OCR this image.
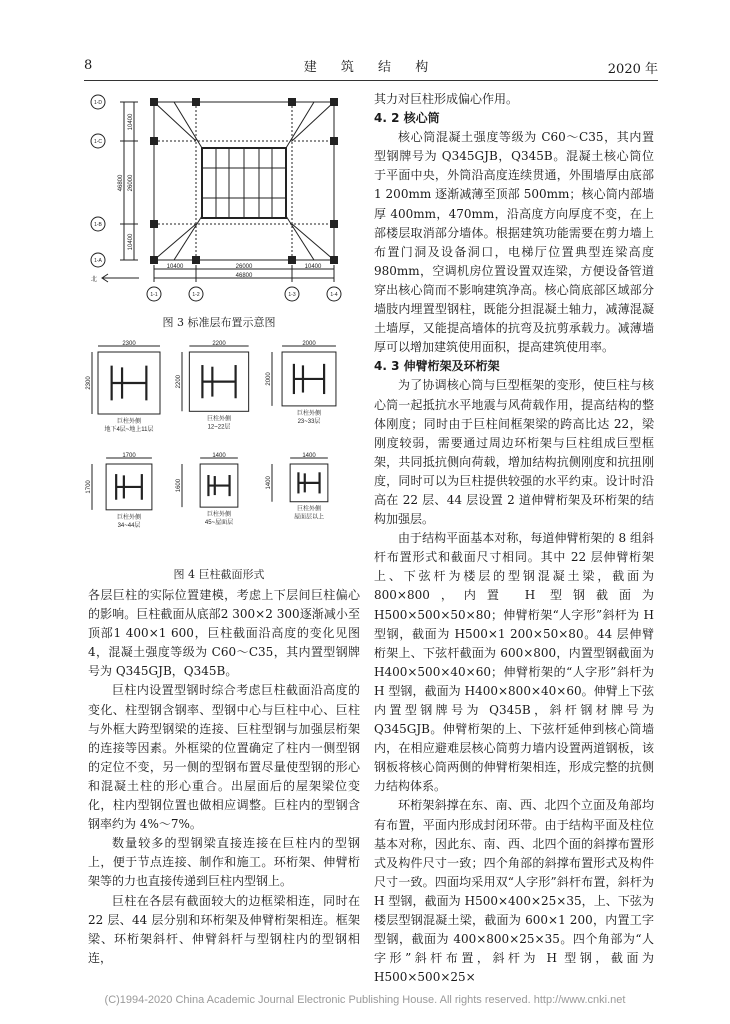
8	建 筑 结 构	2020 年
1-D
1-C
1-B
1-A
1-1	1-2	1-3	1-4
10400
26000
10400
46800
10400	26000	10400
46800
北
图 3 标准层布置示意图
2300
2300
巨柱外侧
地下4层~地上11层
2200
2200
巨柱外侧
12~22层
2000
2000
巨柱外侧
23~33层
1700
1700
巨柱外侧
34~44层
1400
1600
巨柱外侧
45~屋面层
1400
1400
巨柱外侧
屋面层以上
图 4 巨柱截面形式

各层巨柱的实际位置建模，考虑上下层间巨柱偏心的影响。巨柱截面从底部2 300×2 300逐渐减小至顶部1 400×1 600，巨柱截面沿高度的变化见图 4，混凝土强度等级为 C60～C35，其内置型钢牌号为 Q345GJB，Q345B。

巨柱内设置型钢时综合考虑巨柱截面沿高度的变化、柱型钢含钢率、型钢中心与巨柱中心、巨柱与外框大跨型钢梁的连接、巨柱型钢与加强层桁架的连接等因素。外框梁的位置确定了柱内一侧型钢的定位不变，另一侧的型钢布置尽量使型钢的形心和混凝土柱的形心重合。出屋面后的屋架梁位变化，柱内型钢位置也做相应调整。巨柱内的型钢含钢率约为 4%～7%。

数量较多的型钢梁直接连接在巨柱内的型钢上，便于节点连接、制作和施工。环桁架、伸臂桁架等的力也直接传递到巨柱内型钢上。

巨柱在各层有截面较大的边框梁相连，同时在 22 层、44 层分别和环桁架及伸臂桁架相连。框架梁、环桁架斜杆、伸臂斜杆与型钢柱内的型钢相连，

其力对巨柱形成偏心作用。

4. 2 核心筒

核心筒混凝土强度等级为 C60～C35，其内置型钢牌号为 Q345GJB，Q345B。混凝土核心筒位于平面中央，外筒沿高度连续贯通，外围墙厚由底部 1 200mm 逐渐减薄至顶部 500mm；核心筒内部墙厚 400mm，470mm，沿高度方向厚度不变，在上部楼层取消部分墙体。根据建筑功能需要在剪力墙上布置门洞及设备洞口，电梯厅位置典型连梁高度 980mm，空调机房位置设置双连梁，方便设备管道穿出核心筒而不影响建筑净高。核心筒底部区域部分墙肢内埋置型钢柱，既能分担混凝土轴力，减薄混凝土墙厚，又能提高墙体的抗弯及抗剪承载力。减薄墙厚可以增加建筑使用面积，提高建筑使用率。

4. 3 伸臂桁架及环桁架

为了协调核心筒与巨型框架的变形，使巨柱与核心筒一起抵抗水平地震与风荷载作用，提高结构的整体刚度；同时由于巨柱间框架梁的跨高比达 22，梁刚度较弱，需要通过周边环桁架与巨柱组成巨型框架，共同抵抗侧向荷载，增加结构抗侧刚度和抗扭刚度，同时可以为巨柱提供较强的水平约束。设计时沿高在 22 层、44 层设置 2 道伸臂桁架及环桁架的结构加强层。

由于结构平面基本对称，每道伸臂桁架的 8 组斜杆布置形式和截面尺寸相同。其中 22 层伸臂桁架上、下弦杆为楼层的型钢混凝土梁，截面为 800×800，内置 H 型钢截面为 H500×500×50×80；伸臂桁架“人字形”斜杆为 H 型钢，截面为 H500×1 200×50×80。44 层伸臂桁架上、下弦杆截面为 600×800，内置型钢截面为 H400×500×40×60；伸臂桁架的“人字形”斜杆为 H 型钢，截面为 H400×800×40×60。伸臂上下弦内置型钢牌号为 Q345B，斜杆钢材牌号为 Q345GJB。伸臂桁架的上、下弦杆延伸到核心筒墙内，在相应避难层核心筒剪力墙内设置两道钢板，该钢板将核心筒两侧的伸臂桁架相连，形成完整的抗侧力结构体系。

环桁架斜撑在东、南、西、北四个立面及角部均有布置，平面内形成封闭环带。由于结构平面及柱位基本对称，因此东、南、西、北四个面的斜撑布置形式及构件尺寸一致；四个角部的斜撑布置形式及构件尺寸一致。四面均采用双“人字形”斜杆布置，斜杆为 H 型钢，截面为 H500×400×25×35，上、下弦为楼层型钢混凝土梁，截面为 600×1 200，内置工字型钢，截面为 400×800×25×35。四个角部为“人字形”斜杆布置，斜杆为 H 型钢，截面为 H500×500×25×

(C)1994-2020 China Academic Journal Electronic Publishing House. All rights reserved. http://www.cnki.net
